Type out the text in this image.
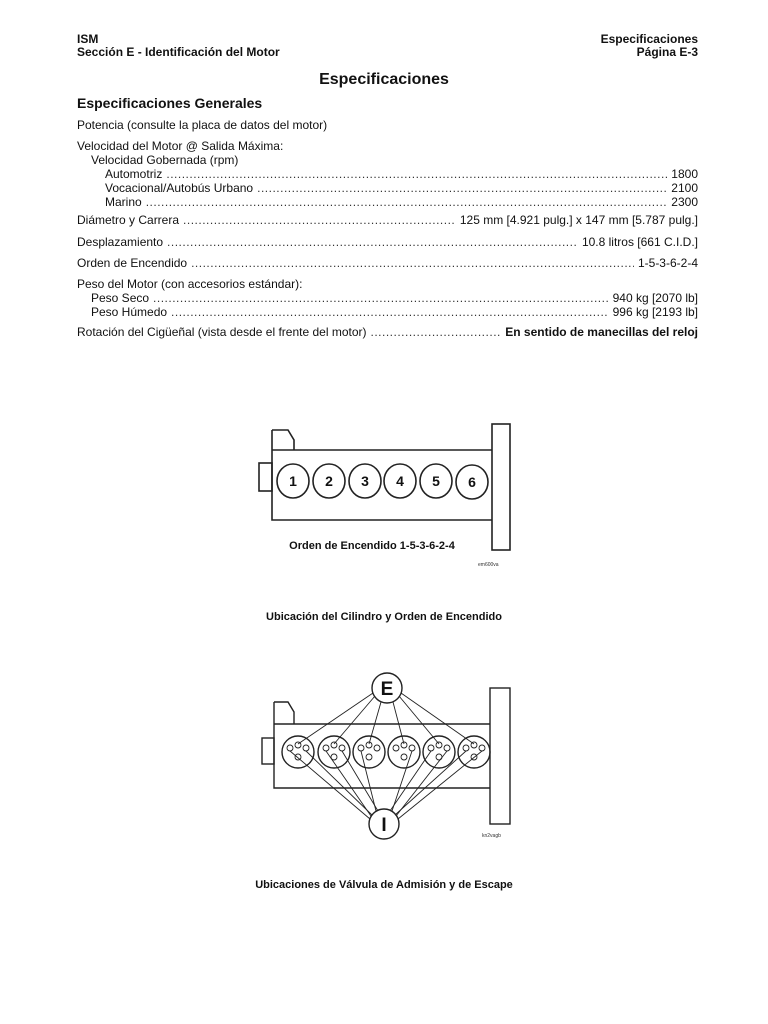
ISM
Sección E - Identificación del Motor
Especificaciones
Página E-3
Especificaciones
Especificaciones Generales
Potencia (consulte la placa de datos del motor)
Velocidad del Motor @ Salida Máxima:
Velocidad Gobernada (rpm)
Automotriz .....	1800
Vocacional/Autobús Urbano .....	2100
Marino .....	2300
Diámetro y Carrera .....	125 mm [4.921 pulg.] x 147 mm [5.787 pulg.]
Desplazamiento .....	10.8 litros [661 C.I.D.]
Orden de Encendido .....	1-5-3-6-2-4
Peso del Motor (con accesorios estándar):
Peso Seco .....	940 kg [2070 lb]
Peso Húmedo .....	996 kg [2193 lb]
Rotación del Cigüeñal (vista desde el frente del motor) .....	En sentido de manecillas del reloj
1 2 3 4 5 6
Orden de Encendido 1-5-3-6-2-4
em600va
Ubicación del Cilindro y Orden de Encendido
E
I	kn2vagb
Ubicaciones de Válvula de Admisión y de Escape
